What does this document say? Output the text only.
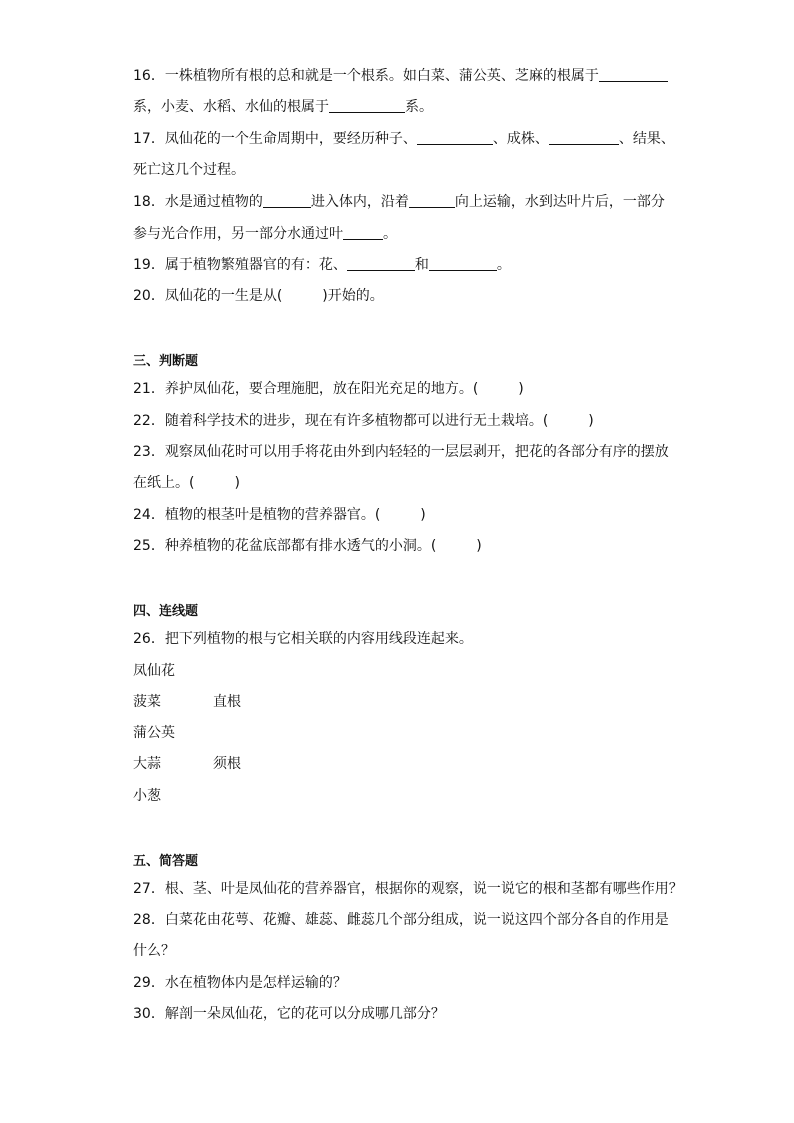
16．一株植物所有根的总和就是一个根系。如白菜、蒲公英、芝麻的根属于
系，小麦、水稻、水仙的根属于	系。
17．凤仙花的一个生命周期中，要经历种子、	、成株、	、结果、
死亡这几个过程。
18．水是通过植物的	进入体内，沿着	向上运输，水到达叶片后，一部分
参与光合作用，另一部分水通过叶	。
19．属于植物繁殖器官的有：花、	和	。
20．凤仙花的一生是从(	)开始的。
三、判断题
21．养护凤仙花，要合理施肥，放在阳光充足的地方。(	)
22．随着科学技术的进步，现在有许多植物都可以进行无土栽培。(	)
23．观察凤仙花时可以用手将花由外到内轻轻的一层层剥开，把花的各部分有序的摆放
在纸上。(	)
24．植物的根茎叶是植物的营养器官。(	)
25．种养植物的花盆底部都有排水透气的小洞。(	)
四、连线题
26．把下列植物的根与它相关联的内容用线段连起来。
凤仙花
菠菜	直根
蒲公英
大蒜	须根
小葱
五、简答题
27．根、茎、叶是凤仙花的营养器官，根据你的观察，说一说它的根和茎都有哪些作用？
28．白菜花由花萼、花瓣、雄蕊、雌蕊几个部分组成，说一说这四个部分各自的作用是
什么？
29．水在植物体内是怎样运输的？
30．解剖一朵凤仙花，它的花可以分成哪几部分？
